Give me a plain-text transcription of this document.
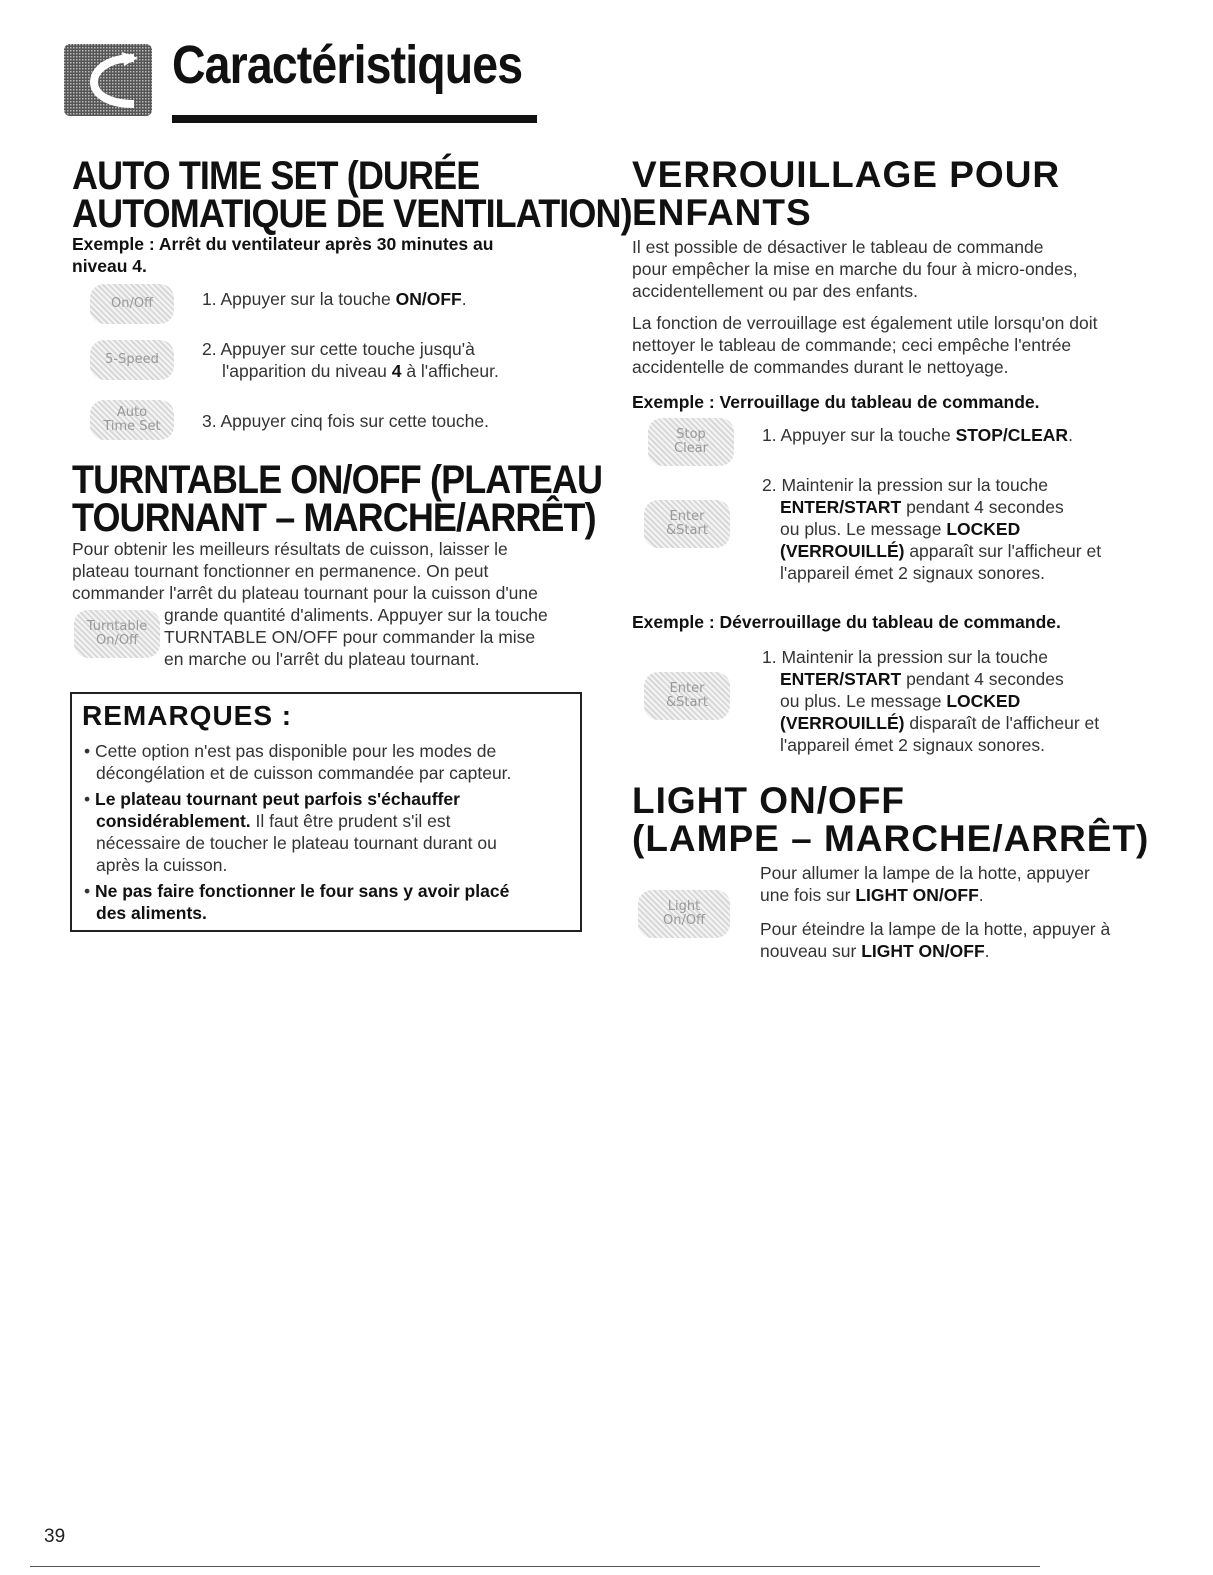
Caractéristiques
AUTO TIME SET (DURÉE
AUTOMATIQUE DE VENTILATION)
Exemple : Arrêt du ventilateur après 30 minutes au
niveau 4.
On/Off	1. Appuyer sur la touche ON/OFF.
5-Speed
2. Appuyer sur cette touche jusqu'à
l'apparition du niveau 4 à l'afficheur.
Auto
Time Set 3. Appuyer cinq fois sur cette touche.
TURNTABLE ON/OFF (PLATEAU
TOURNANT – MARCHE/ARRÊT)
Pour obtenir les meilleurs résultats de cuisson, laisser le
plateau tournant fonctionner en permanence. On peut
commander l'arrêt du plateau tournant pour la cuisson d'une
Turntable
On/Off
grande quantité d'aliments. Appuyer sur la touche
TURNTABLE ON/OFF pour commander la mise
en marche ou l'arrêt du plateau tournant.
REMARQUES :
• Cette option n'est pas disponible pour les modes de
décongélation et de cuisson commandée par capteur.
• Le plateau tournant peut parfois s'échauffer
considérablement. Il faut être prudent s'il est
nécessaire de toucher le plateau tournant durant ou
après la cuisson.
• Ne pas faire fonctionner le four sans y avoir placé
des aliments.
VERROUILLAGE POUR
ENFANTS
Il est possible de désactiver le tableau de commande
pour empêcher la mise en marche du four à micro-ondes,
accidentellement ou par des enfants.
La fonction de verrouillage est également utile lorsqu'on doit
nettoyer le tableau de commande; ceci empêche l'entrée
accidentelle de commandes durant le nettoyage.
Exemple : Verrouillage du tableau de commande.
Stop
Clear
1. Appuyer sur la touche STOP/CLEAR.
Enter
&Start
2. Maintenir la pression sur la touche
ENTER/START pendant 4 secondes
ou plus. Le message LOCKED
(VERROUILLÉ) apparaît sur l'afficheur et
l'appareil émet 2 signaux sonores.
Exemple : Déverrouillage du tableau de commande.
Enter
&Start
1. Maintenir la pression sur la touche
ENTER/START pendant 4 secondes
ou plus. Le message LOCKED
(VERROUILLÉ) disparaît de l'afficheur et
l'appareil émet 2 signaux sonores.
LIGHT ON/OFF
(LAMPE – MARCHE/ARRÊT)
Light
On/Off
Pour allumer la lampe de la hotte, appuyer
une fois sur LIGHT ON/OFF.
Pour éteindre la lampe de la hotte, appuyer à
nouveau sur LIGHT ON/OFF.
39
